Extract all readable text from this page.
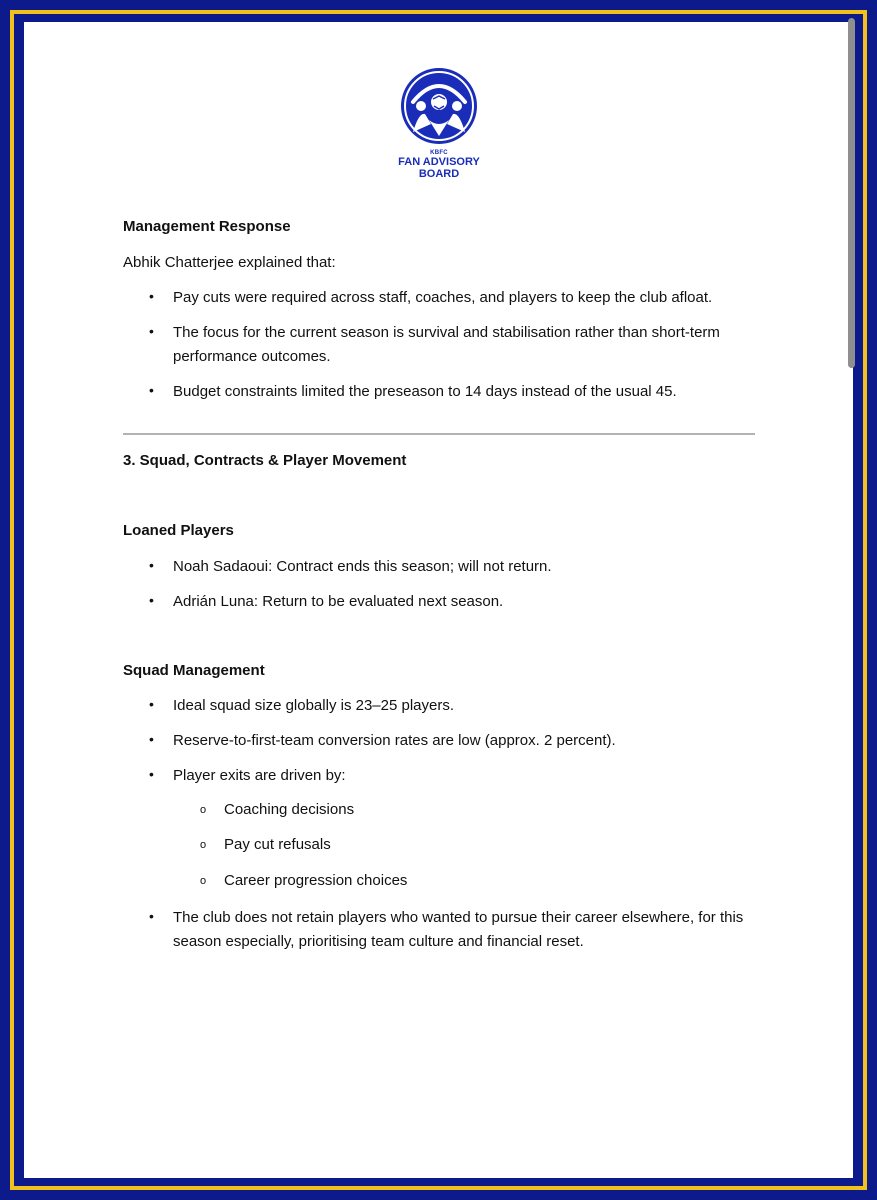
KBFC
FAN ADVISORY
BOARD
Management Response
Abhik Chatterjee explained that:
• Pay cuts were required across staff, coaches, and players to keep the club afloat.
• The focus for the current season is survival and stabilisation rather than short-term performance outcomes.
• Budget constraints limited the preseason to 14 days instead of the usual 45.
3. Squad, Contracts & Player Movement
Loaned Players
• Noah Sadaoui: Contract ends this season; will not return.
• Adrián Luna: Return to be evaluated next season.
Squad Management
• Ideal squad size globally is 23–25 players.
• Reserve-to-first-team conversion rates are low (approx. 2 percent).
• Player exits are driven by:
o Coaching decisions
o Pay cut refusals
o Career progression choices
• The club does not retain players who wanted to pursue their career elsewhere, for this season especially, prioritising team culture and financial reset.
